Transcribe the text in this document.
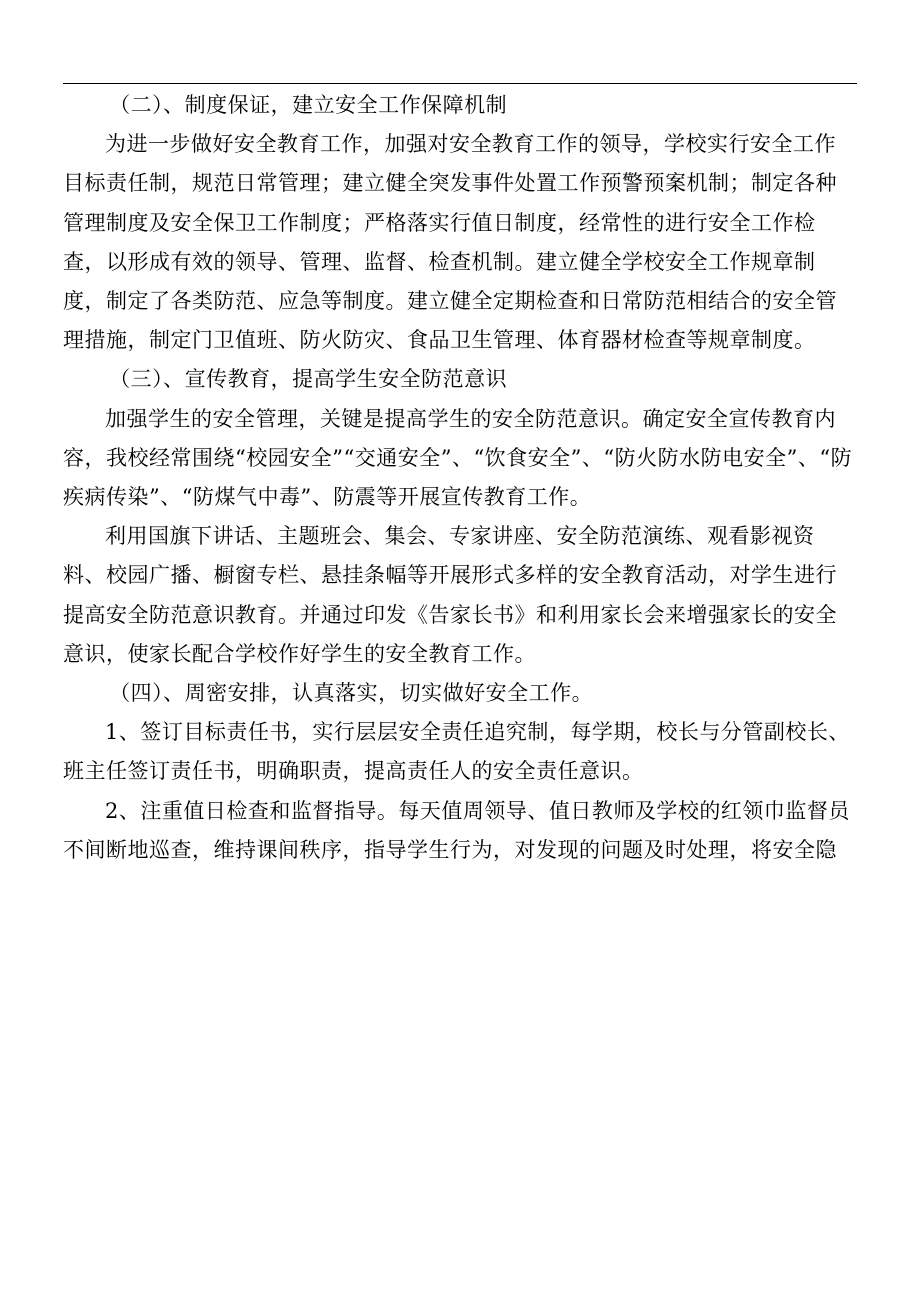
（二）、制度保证，建立安全工作保障机制

为进一步做好安全教育工作，加强对安全教育工作的领导，学校实行安全工作目标责任制，规范日常管理；建立健全突发事件处置工作预警预案机制；制定各种管理制度及安全保卫工作制度；严格落实行值日制度，经常性的进行安全工作检查，以形成有效的领导、管理、监督、检查机制。建立健全学校安全工作规章制度，制定了各类防范、应急等制度。建立健全定期检查和日常防范相结合的安全管理措施，制定门卫值班、防火防灾、食品卫生管理、体育器材检查等规章制度。

（三）、宣传教育，提高学生安全防范意识

加强学生的安全管理，关键是提高学生的安全防范意识。确定安全宣传教育内容，我校经常围绕“校园安全”“交通安全”、“饮食安全”、“防火防水防电安全”、“防疾病传染”、“防煤气中毒”、防震等开展宣传教育工作。

利用国旗下讲话、主题班会、集会、专家讲座、安全防范演练、观看影视资料、校园广播、橱窗专栏、悬挂条幅等开展形式多样的安全教育活动，对学生进行提高安全防范意识教育。并通过印发《告家长书》和利用家长会来增强家长的安全意识，使家长配合学校作好学生的安全教育工作。

（四）、周密安排，认真落实，切实做好安全工作。

1、签订目标责任书，实行层层安全责任追究制，每学期，校长与分管副校长、班主任签订责任书，明确职责，提高责任人的安全责任意识。

2、注重值日检查和监督指导。每天值周领导、值日教师及学校的红领巾监督员不间断地巡查，维持课间秩序，指导学生行为，对发现的问题及时处理，将安全隐
